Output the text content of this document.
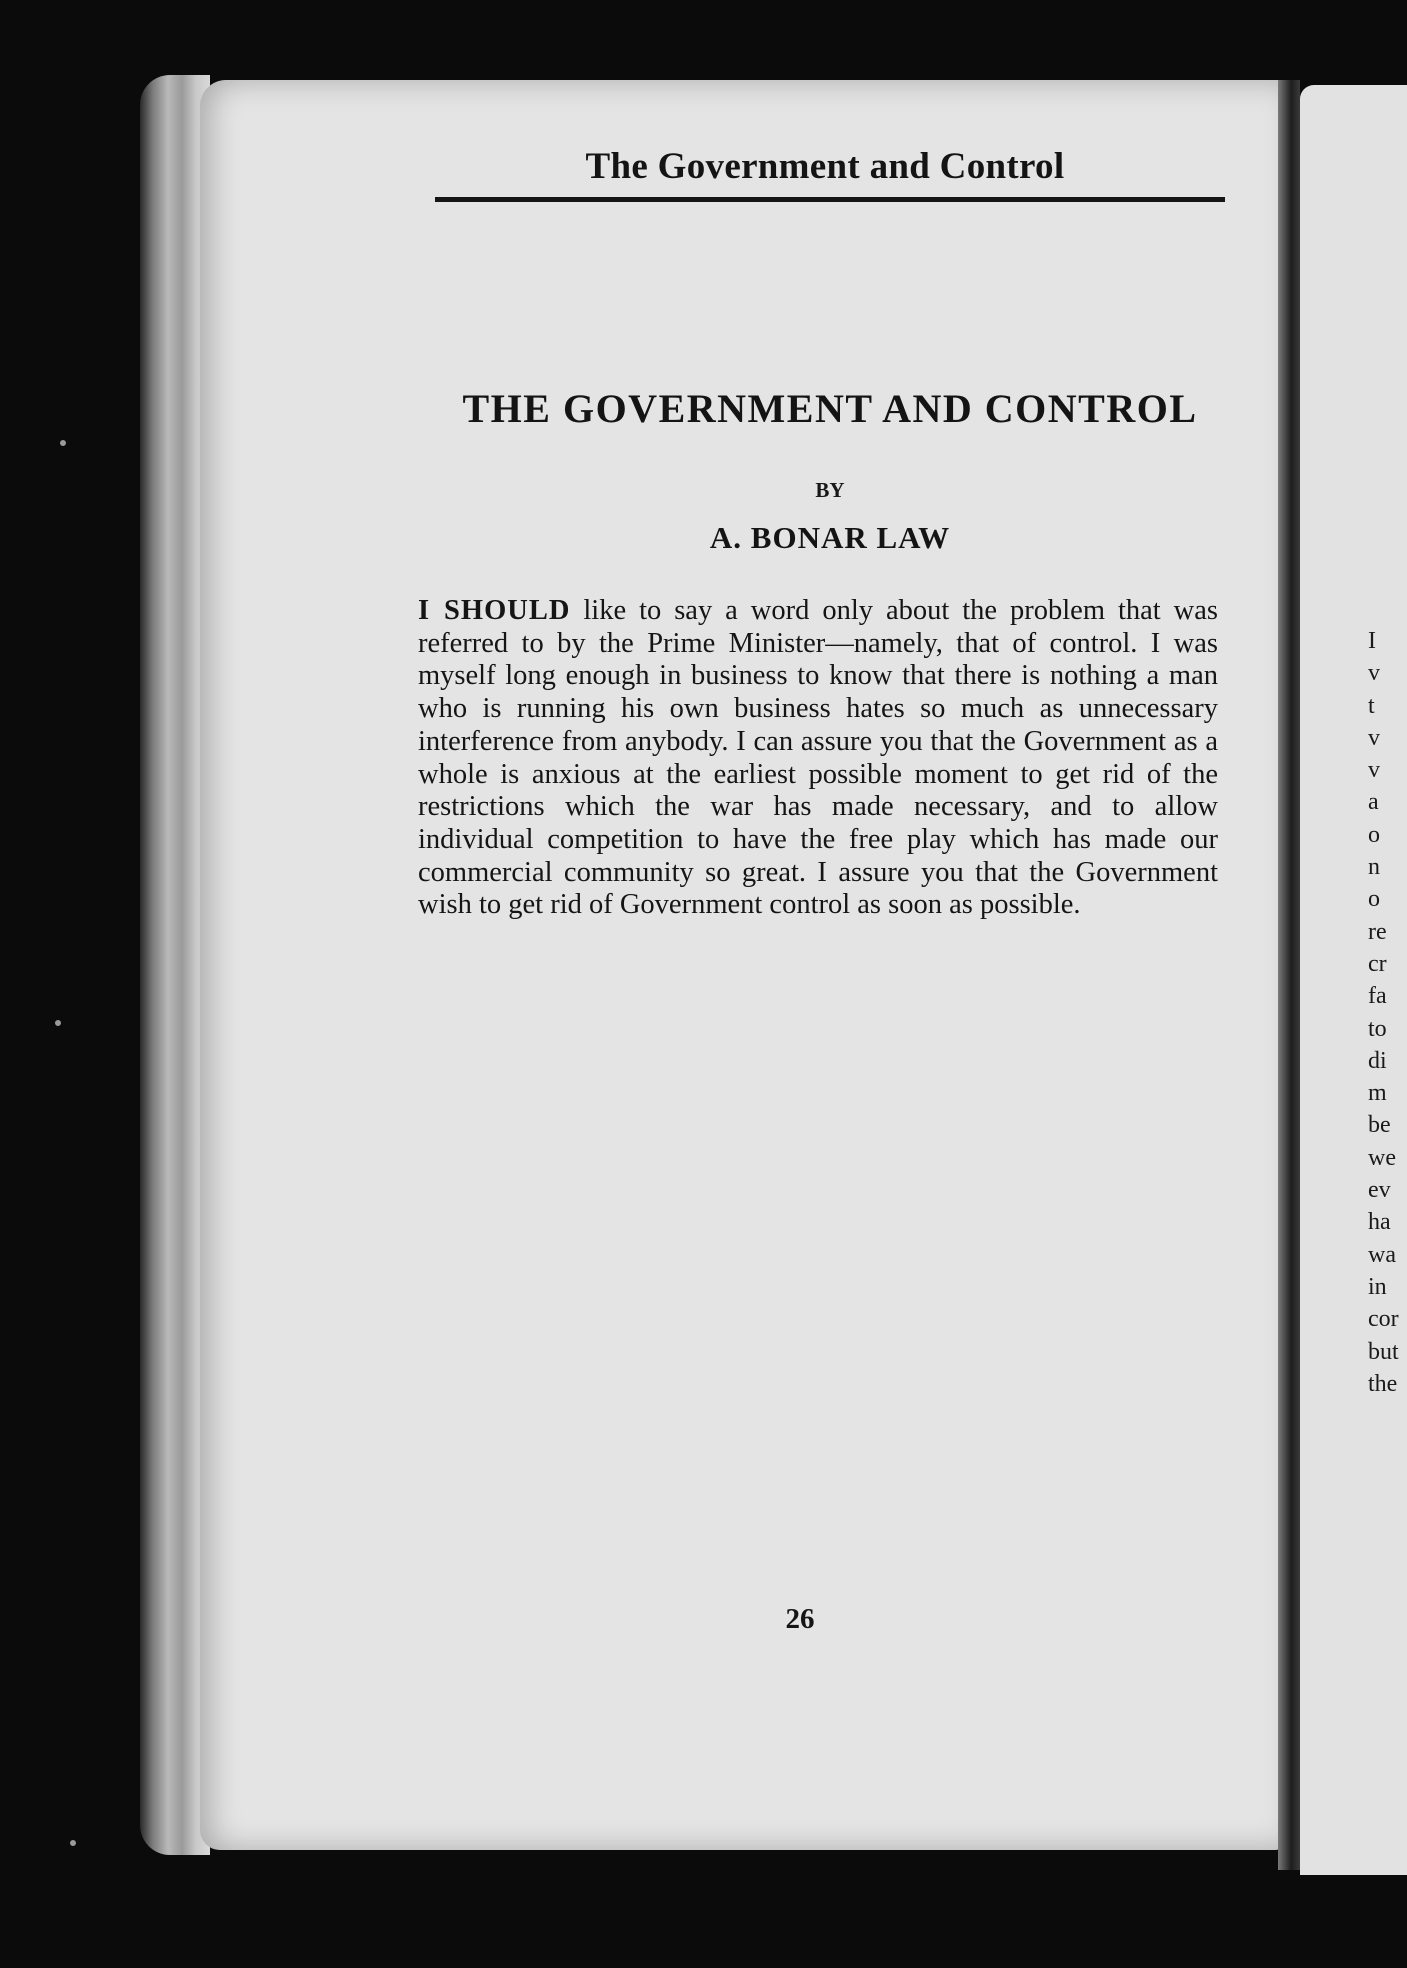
I
v
t
v
v
a
o
n
o
re
cr
fa
to
di
m
be
we
ev
ha
wa
in
cor
but
the
The Government and Control
THE GOVERNMENT AND CONTROL
BY
A. BONAR LAW
I SHOULD like to say a word only about the problem that was referred to by the Prime Minister—namely, that of control. I was myself long enough in business to know that there is nothing a man who is running his own business hates so much as unnecessary interference from anybody. I can assure you that the Government as a whole is anxious at the earliest possible moment to get rid of the restrictions which the war has made necessary, and to allow individual competition to have the free play which has made our commercial community so great. I assure you that the Government wish to get rid of Government control as soon as possible.
26
